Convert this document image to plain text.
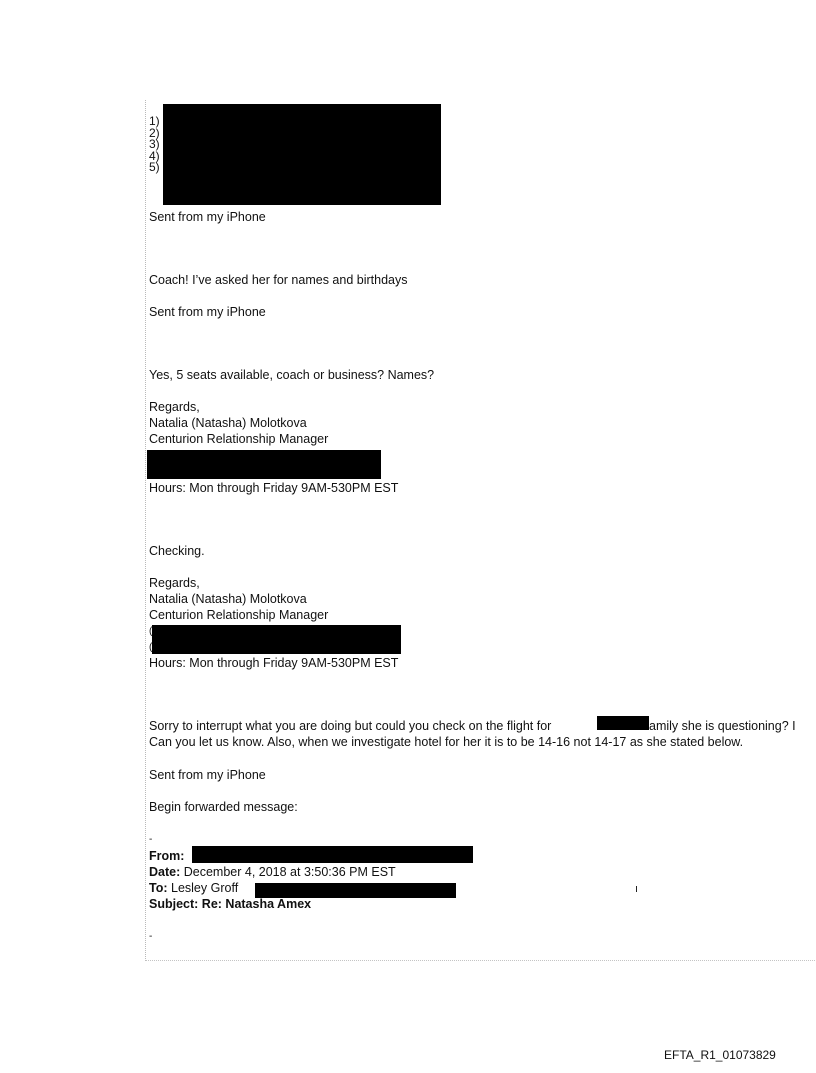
1)
2)
3)
4)
5)
Sent from my iPhone
Coach! I’ve asked her for names and birthdays
Sent from my iPhone
Yes, 5 seats available, coach or business? Names?
Regards,
Natalia (Natasha) Molotkova
Centurion Relationship Manager
Hours: Mon through Friday 9AM-530PM EST
Checking.
Regards,
Natalia (Natasha) Molotkova
Centurion Relationship Manager
(
(
Hours: Mon through Friday 9AM-530PM EST
Sorry to interrupt what you are doing but could you check on the flight for	amily she is questioning? I
Can you let us know. Also, when we investigate hotel for her it is to be 14-16 not 14-17 as she stated below.
Sent from my iPhone
Begin forwarded message:
-
From:
Date: December 4, 2018 at 3:50:36 PM EST
To: Lesley Groff
Subject: Re: Natasha Amex
-
EFTA_R1_01073829
